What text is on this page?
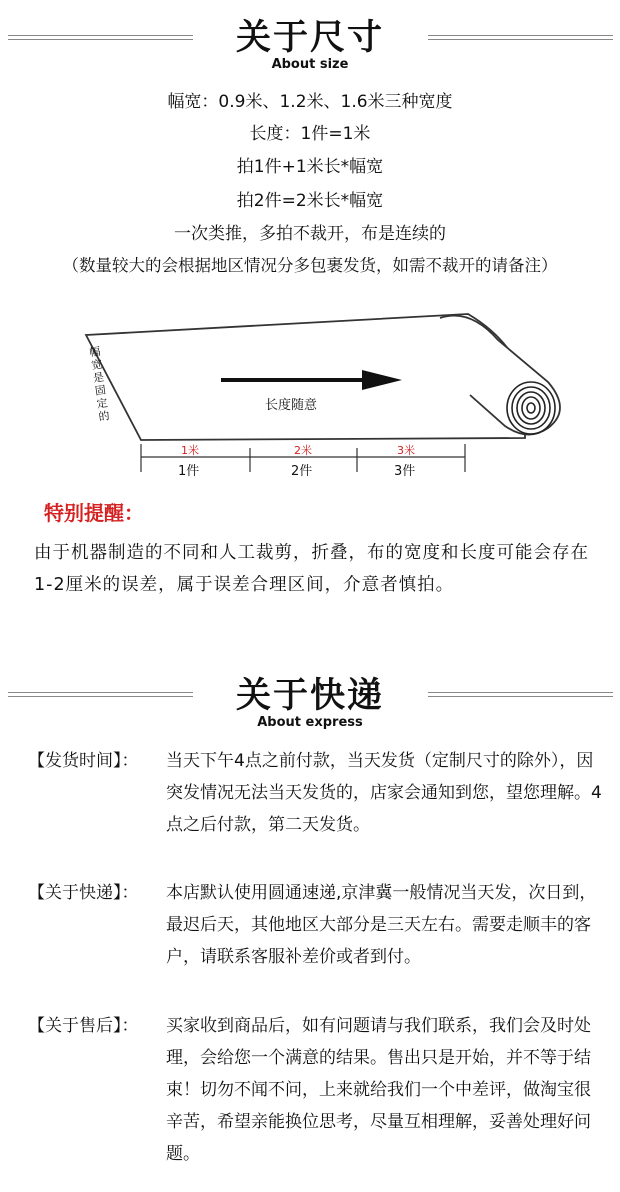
关于尺寸
About size
幅宽：0.9米、1.2米、1.6米三种宽度
长度：1件=1米
拍1件+1米长*幅宽
拍2件=2米长*幅宽
一次类推，多拍不裁开，布是连续的
（数量较大的会根据地区情况分多包裹发货，如需不裁开的请备注）
幅宽是固定的
长度随意
1米	2米	3米
1件	2件	3件
特别提醒：
由于机器制造的不同和人工裁剪，折叠，布的宽度和长度可能会存在1-2厘米的误差，属于误差合理区间，介意者慎拍。
关于快递
About express
【发货时间】： 当天下午4点之前付款，当天发货（定制尺寸的除外），因突发情况无法当天发货的，店家会通知到您，望您理解。4点之后付款，第二天发货。
【关于快递】： 本店默认使用圆通速递,京津冀一般情况当天发，次日到，最迟后天，其他地区大部分是三天左右。需要走顺丰的客户，请联系客服补差价或者到付。
【关于售后】： 买家收到商品后，如有问题请与我们联系，我们会及时处理，会给您一个满意的结果。售出只是开始，并不等于结束！切勿不闻不问，上来就给我们一个中差评，做淘宝很辛苦，希望亲能换位思考，尽量互相理解，妥善处理好问题。
